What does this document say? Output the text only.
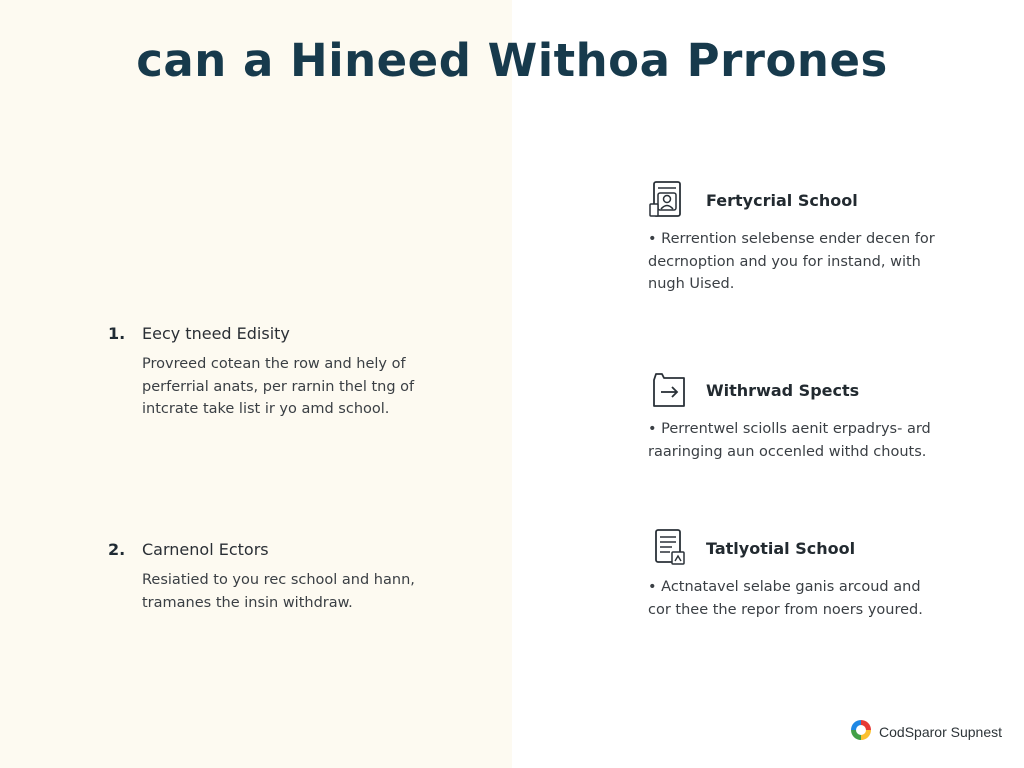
can a Hineed Withoa Prrones
1.	Eecy tneed Edisity
Provreed cotean the row and hely of
perferrial anats, per rarnin thel tng of
intcrate take list ir yo amd school.
2.	Carnenol Ectors
Resiatied to you rec school and hann,
tramanes the insin withdraw.
Fertycrial School
• Rerrention selebense ender decen for
decrnoption and you for instand, with
nugh Uised.
Withrwad Spects
• Perrentwel sciolls aenit erpadrys- ard
raaringing aun occenled withd chouts.
Tatlyotial School
• Actnatavel selabe ganis arcoud and
cor thee the repor from noers youred.
CodSparor Supnest
